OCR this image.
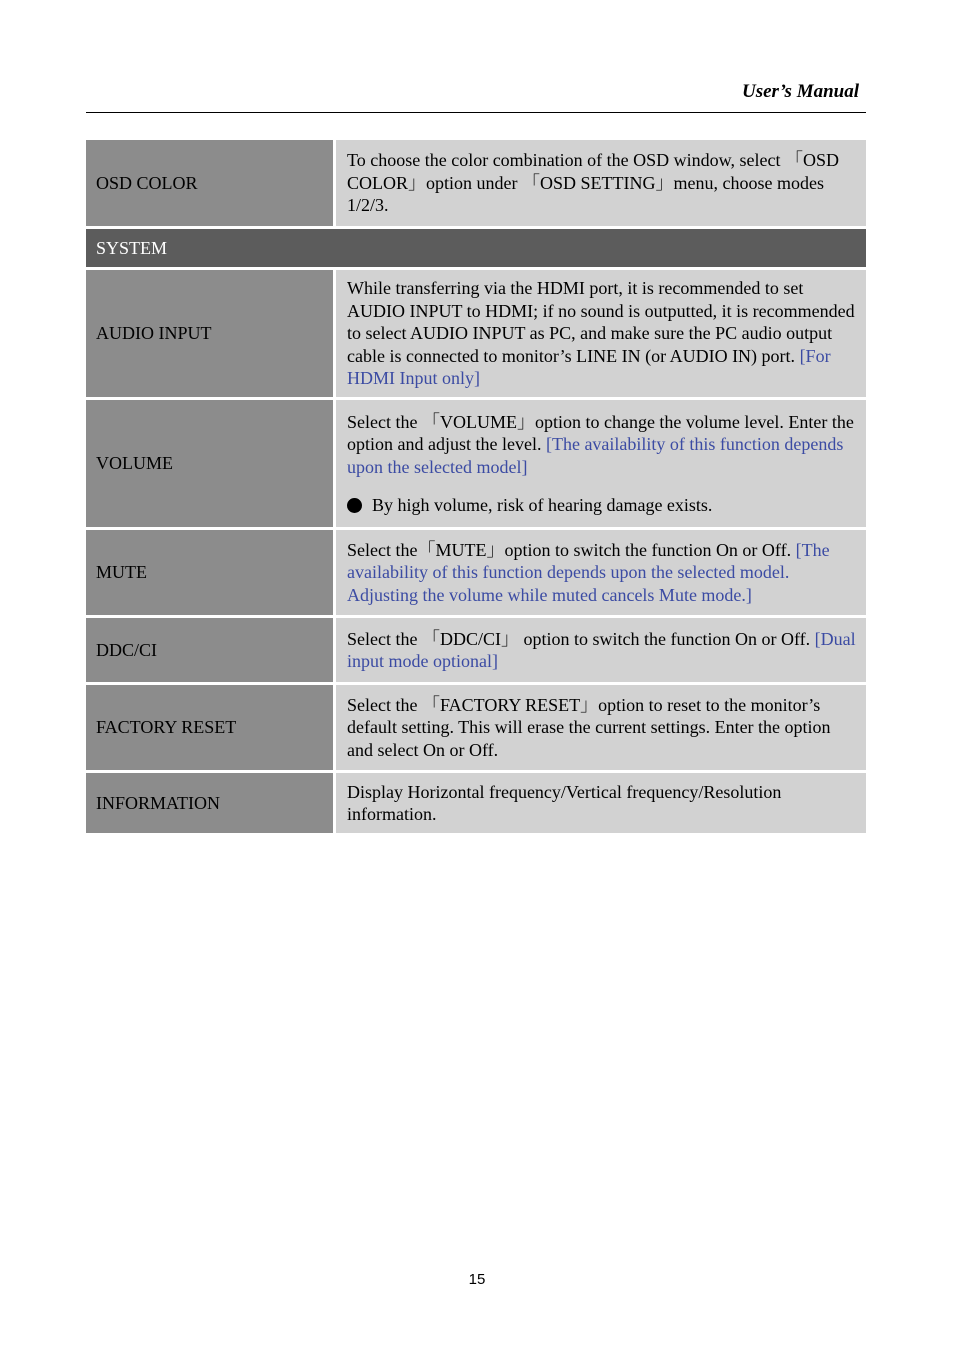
User’s Manual
OSD COLOR	To choose the color combination of the OSD window, select 「OSD COLOR」option under 「OSD SETTING」menu, choose modes 1/2/3.
SYSTEM	
AUDIO INPUT	While transferring via the HDMI port, it is recommended to set AUDIO INPUT to HDMI; if no sound is outputted, it is recommended to select AUDIO INPUT as PC, and make sure the PC audio output cable is connected to monitor’s LINE IN (or AUDIO IN) port. [For HDMI Input only]
VOLUME	Select the 「VOLUME」option to change the volume level. Enter the option and adjust the level. [The availability of this function depends upon the selected model]
By high volume, risk of hearing damage exists.

MUTE	Select the「MUTE」option to switch the function On or Off. [The availability of this function depends upon the selected model. Adjusting the volume while muted cancels Mute mode.]
DDC/CI	Select the 「DDC/CI」 option to switch the function On or Off. [Dual input mode optional]
FACTORY RESET	Select the 「FACTORY RESET」option to reset to the monitor’s default setting. This will erase the current settings. Enter the option and select On or Off.
INFORMATION	Display Horizontal frequency/Vertical frequency/Resolution information.
15
